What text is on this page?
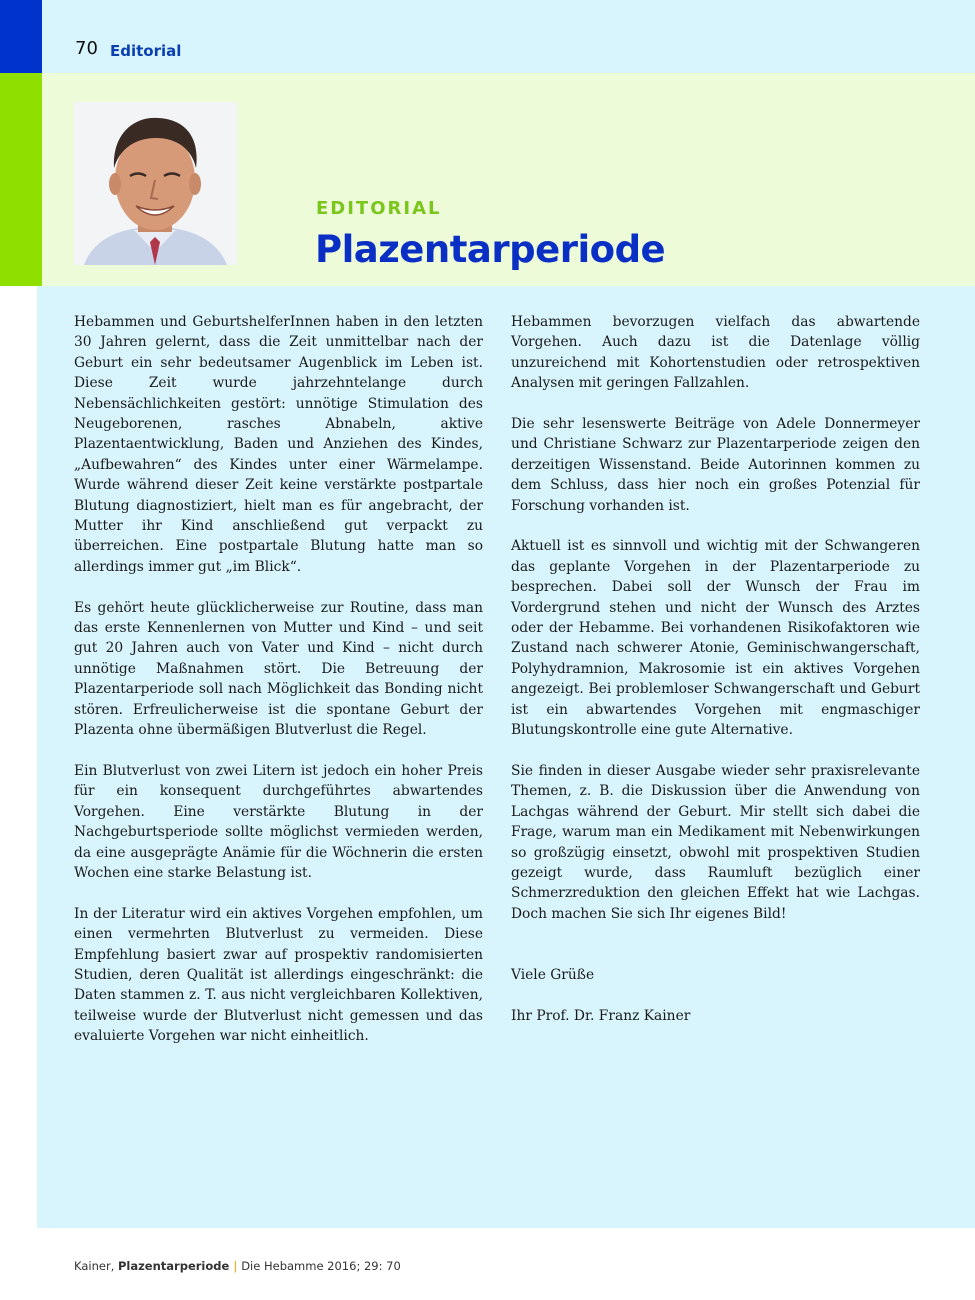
70 Editorial
EDITORIAL
Plazentarperiode

Hebammen und GeburtshelferInnen haben in den letzten 30 Jahren gelernt, dass die Zeit unmittelbar nach der Geburt ein sehr bedeutsamer Augenblick im Leben ist. Diese Zeit wurde jahrzehntelange durch Nebensächlichkeiten gestört: unnötige Stimulation des Neugeborenen, rasches Abnabeln, aktive Plazentaentwicklung, Baden und Anziehen des Kindes, „Aufbewahren“ des Kindes unter einer Wärmelampe. Wurde während dieser Zeit keine verstärkte postpartale Blutung diagnostiziert, hielt man es für angebracht, der Mutter ihr Kind anschließend gut verpackt zu überreichen. Eine postpartale Blutung hatte man so allerdings immer gut „im Blick“.

Es gehört heute glücklicherweise zur Routine, dass man das erste Kennenlernen von Mutter und Kind – und seit gut 20 Jahren auch von Vater und Kind – nicht durch unnötige Maßnahmen stört. Die Betreuung der Plazentarperiode soll nach Möglichkeit das Bonding nicht stören. Erfreulicherweise ist die spontane Geburt der Plazenta ohne übermäßigen Blutverlust die Regel.

Ein Blutverlust von zwei Litern ist jedoch ein hoher Preis für ein konsequent durchgeführtes abwartendes Vorgehen. Eine verstärkte Blutung in der Nachgeburtsperiode sollte möglichst vermieden werden, da eine ausgeprägte Anämie für die Wöchnerin die ersten Wochen eine starke Belastung ist.

In der Literatur wird ein aktives Vorgehen empfohlen, um einen vermehrten Blutverlust zu vermeiden. Diese Empfehlung basiert zwar auf prospektiv randomisierten Studien, deren Qualität ist allerdings eingeschränkt: die Daten stammen z. T. aus nicht vergleichbaren Kollektiven, teilweise wurde der Blutverlust nicht gemessen und das evaluierte Vorgehen war nicht einheitlich.

Hebammen bevorzugen vielfach das abwartende Vorgehen. Auch dazu ist die Datenlage völlig unzureichend mit Kohortenstudien oder retrospektiven Analysen mit geringen Fallzahlen.

Die sehr lesenswerte Beiträge von Adele Donnermeyer und Christiane Schwarz zur Plazentarperiode zeigen den derzeitigen Wissenstand. Beide Autorinnen kommen zu dem Schluss, dass hier noch ein großes Potenzial für Forschung vorhanden ist.

Aktuell ist es sinnvoll und wichtig mit der Schwangeren das geplante Vorgehen in der Plazentarperiode zu besprechen. Dabei soll der Wunsch der Frau im Vordergrund stehen und nicht der Wunsch des Arztes oder der Hebamme. Bei vorhandenen Risikofaktoren wie Zustand nach schwerer Atonie, Geminischwangerschaft, Polyhydramnion, Makrosomie ist ein aktives Vorgehen angezeigt. Bei problemloser Schwangerschaft und Geburt ist ein abwartendes Vorgehen mit engmaschiger Blutungskontrolle eine gute Alternative.

Sie finden in dieser Ausgabe wieder sehr praxisrelevante Themen, z. B. die Diskussion über die Anwendung von Lachgas während der Geburt. Mir stellt sich dabei die Frage, warum man ein Medikament mit Nebenwirkungen so großzügig einsetzt, obwohl mit prospektiven Studien gezeigt wurde, dass Raumluft bezüglich einer Schmerzreduktion den gleichen Effekt hat wie Lachgas. Doch machen Sie sich Ihr eigenes Bild!

Viele Grüße

Ihr Prof. Dr. Franz Kainer

Kainer, Plazentarperiode | Die Hebamme 2016; 29: 70
